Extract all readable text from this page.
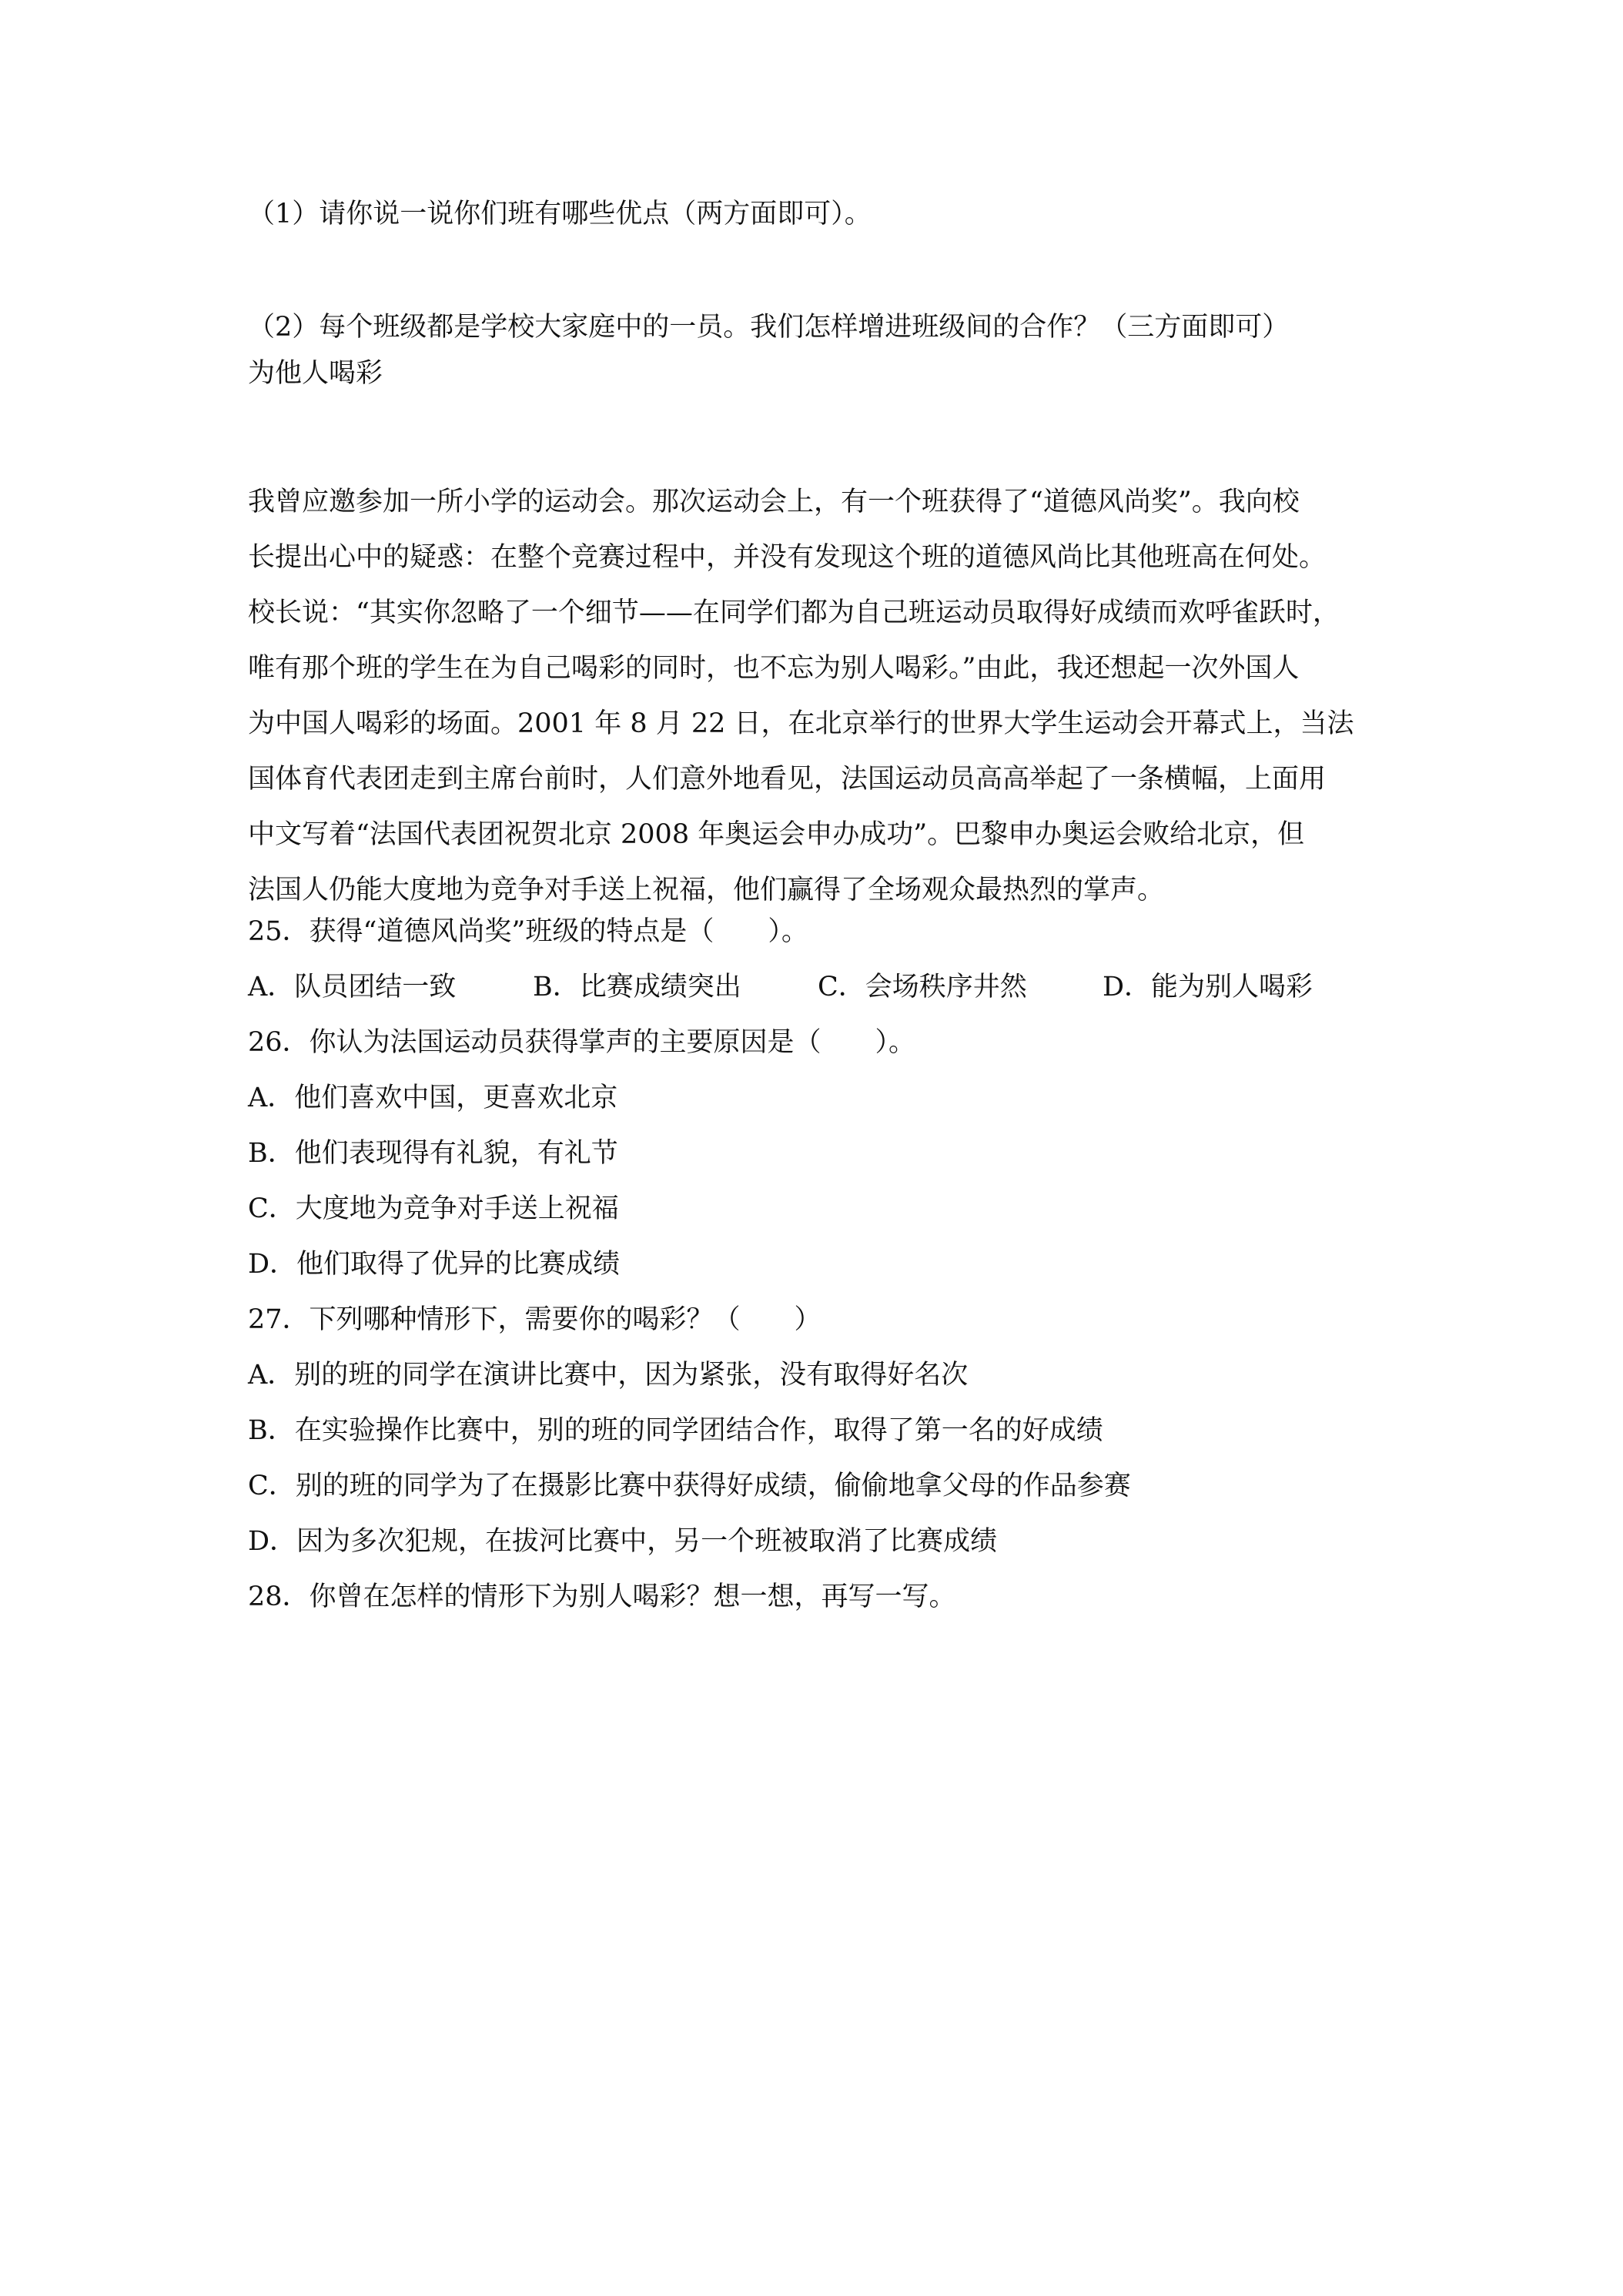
（1）请你说一说你们班有哪些优点（两方面即可）。

（2）每个班级都是学校大家庭中的一员。我们怎样增进班级间的合作？（三方面即可）

为他人喝彩

我曾应邀参加一所小学的运动会。那次运动会上，有一个班获得了“道德风尚奖”。我向校
长提出心中的疑惑：在整个竞赛过程中，并没有发现这个班的道德风尚比其他班高在何处。
校长说：“其实你忽略了一个细节——在同学们都为自己班运动员取得好成绩而欢呼雀跃时，
唯有那个班的学生在为自己喝彩的同时，也不忘为别人喝彩。”由此，我还想起一次外国人
为中国人喝彩的场面。2001 年 8 月 22 日，在北京举行的世界大学生运动会开幕式上，当法
国体育代表团走到主席台前时，人们意外地看见，法国运动员高高举起了一条横幅，上面用
中文写着“法国代表团祝贺北京 2008 年奥运会申办成功”。巴黎申办奥运会败给北京，但
法国人仍能大度地为竞争对手送上祝福，他们赢得了全场观众最热烈的掌声。
25．获得“道德风尚奖”班级的特点是（　　）。
A．队员团结一致	B．比赛成绩突出	C．会场秩序井然	D．能为别人喝彩
26．你认为法国运动员获得掌声的主要原因是（　　）。
A．他们喜欢中国，更喜欢北京
B．他们表现得有礼貌，有礼节
C．大度地为竞争对手送上祝福
D．他们取得了优异的比赛成绩
27．下列哪种情形下，需要你的喝彩？（　　）
A．别的班的同学在演讲比赛中，因为紧张，没有取得好名次
B．在实验操作比赛中，别的班的同学团结合作，取得了第一名的好成绩
C．别的班的同学为了在摄影比赛中获得好成绩，偷偷地拿父母的作品参赛
D．因为多次犯规，在拔河比赛中，另一个班被取消了比赛成绩
28．你曾在怎样的情形下为别人喝彩？想一想，再写一写。
